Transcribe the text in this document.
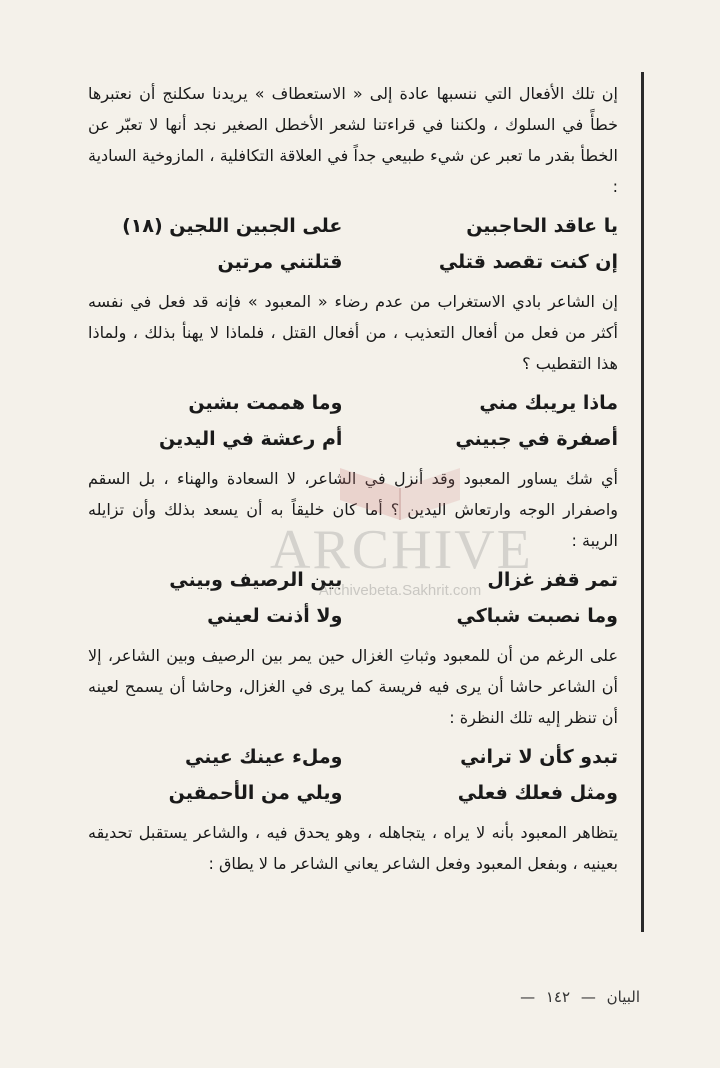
إن تلك الأفعال التي ننسبها عادة إلى « الاستعطاف » يريدنا سكلنج أن نعتبرها خطأً في السلوك ، ولكننا في قراءتنا لشعر الأخطل الصغير نجد أنها لا تعبّر عن الخطأ بقدر ما تعبر عن شيء طبيعي جداً في العلاقة التكافلية ، المازوخية السادية :

يا عاقد الحاجبين
على الجبين اللجين (١٨)
إن كنت تقصد قتلي
قتلتني مرتين

إن الشاعر بادي الاستغراب من عدم رضاء « المعبود » فإنه قد فعل في نفسه أكثر من فعل من أفعال التعذيب ، من أفعال القتل ، فلماذا لا يهنأ بذلك ، ولماذا هذا التقطيب ؟

ماذا يريبك مني
وما هممت بشين
أصفرة في جبيني
أم رعشة في اليدين

أي شك يساور المعبود وقد أنزل في الشاعر، لا السعادة والهناء ، بل السقم واصفرار الوجه وارتعاش اليدين ؟ أما كان خليقاً به أن يسعد بذلك وأن تزايله الريبة :

تمر قفز غزال
بين الرصيف وبيني
وما نصبت شباكي
ولا أذنت لعيني

على الرغم من أن للمعبود وثباتِ الغزال حين يمر بين الرصيف وبين الشاعر، إلا أن الشاعر حاشا أن يرى فيه فريسة كما يرى في الغزال، وحاشا أن يسمح لعينه أن تنظر إليه تلك النظرة :

تبدو كأن لا تراني
وملء عينك عيني
ومثل فعلك فعلي
ويلي من الأحمقين

يتظاهر المعبود بأنه لا يراه ، يتجاهله ، وهو يحدق فيه ، والشاعر يستقبل تحديقه بعينيه ، وبفعل المعبود وفعل الشاعر يعاني الشاعر ما لا يطاق :

البيان — ١٤٢ —
ARCHIVE
Archivebeta.Sakhrit.com
